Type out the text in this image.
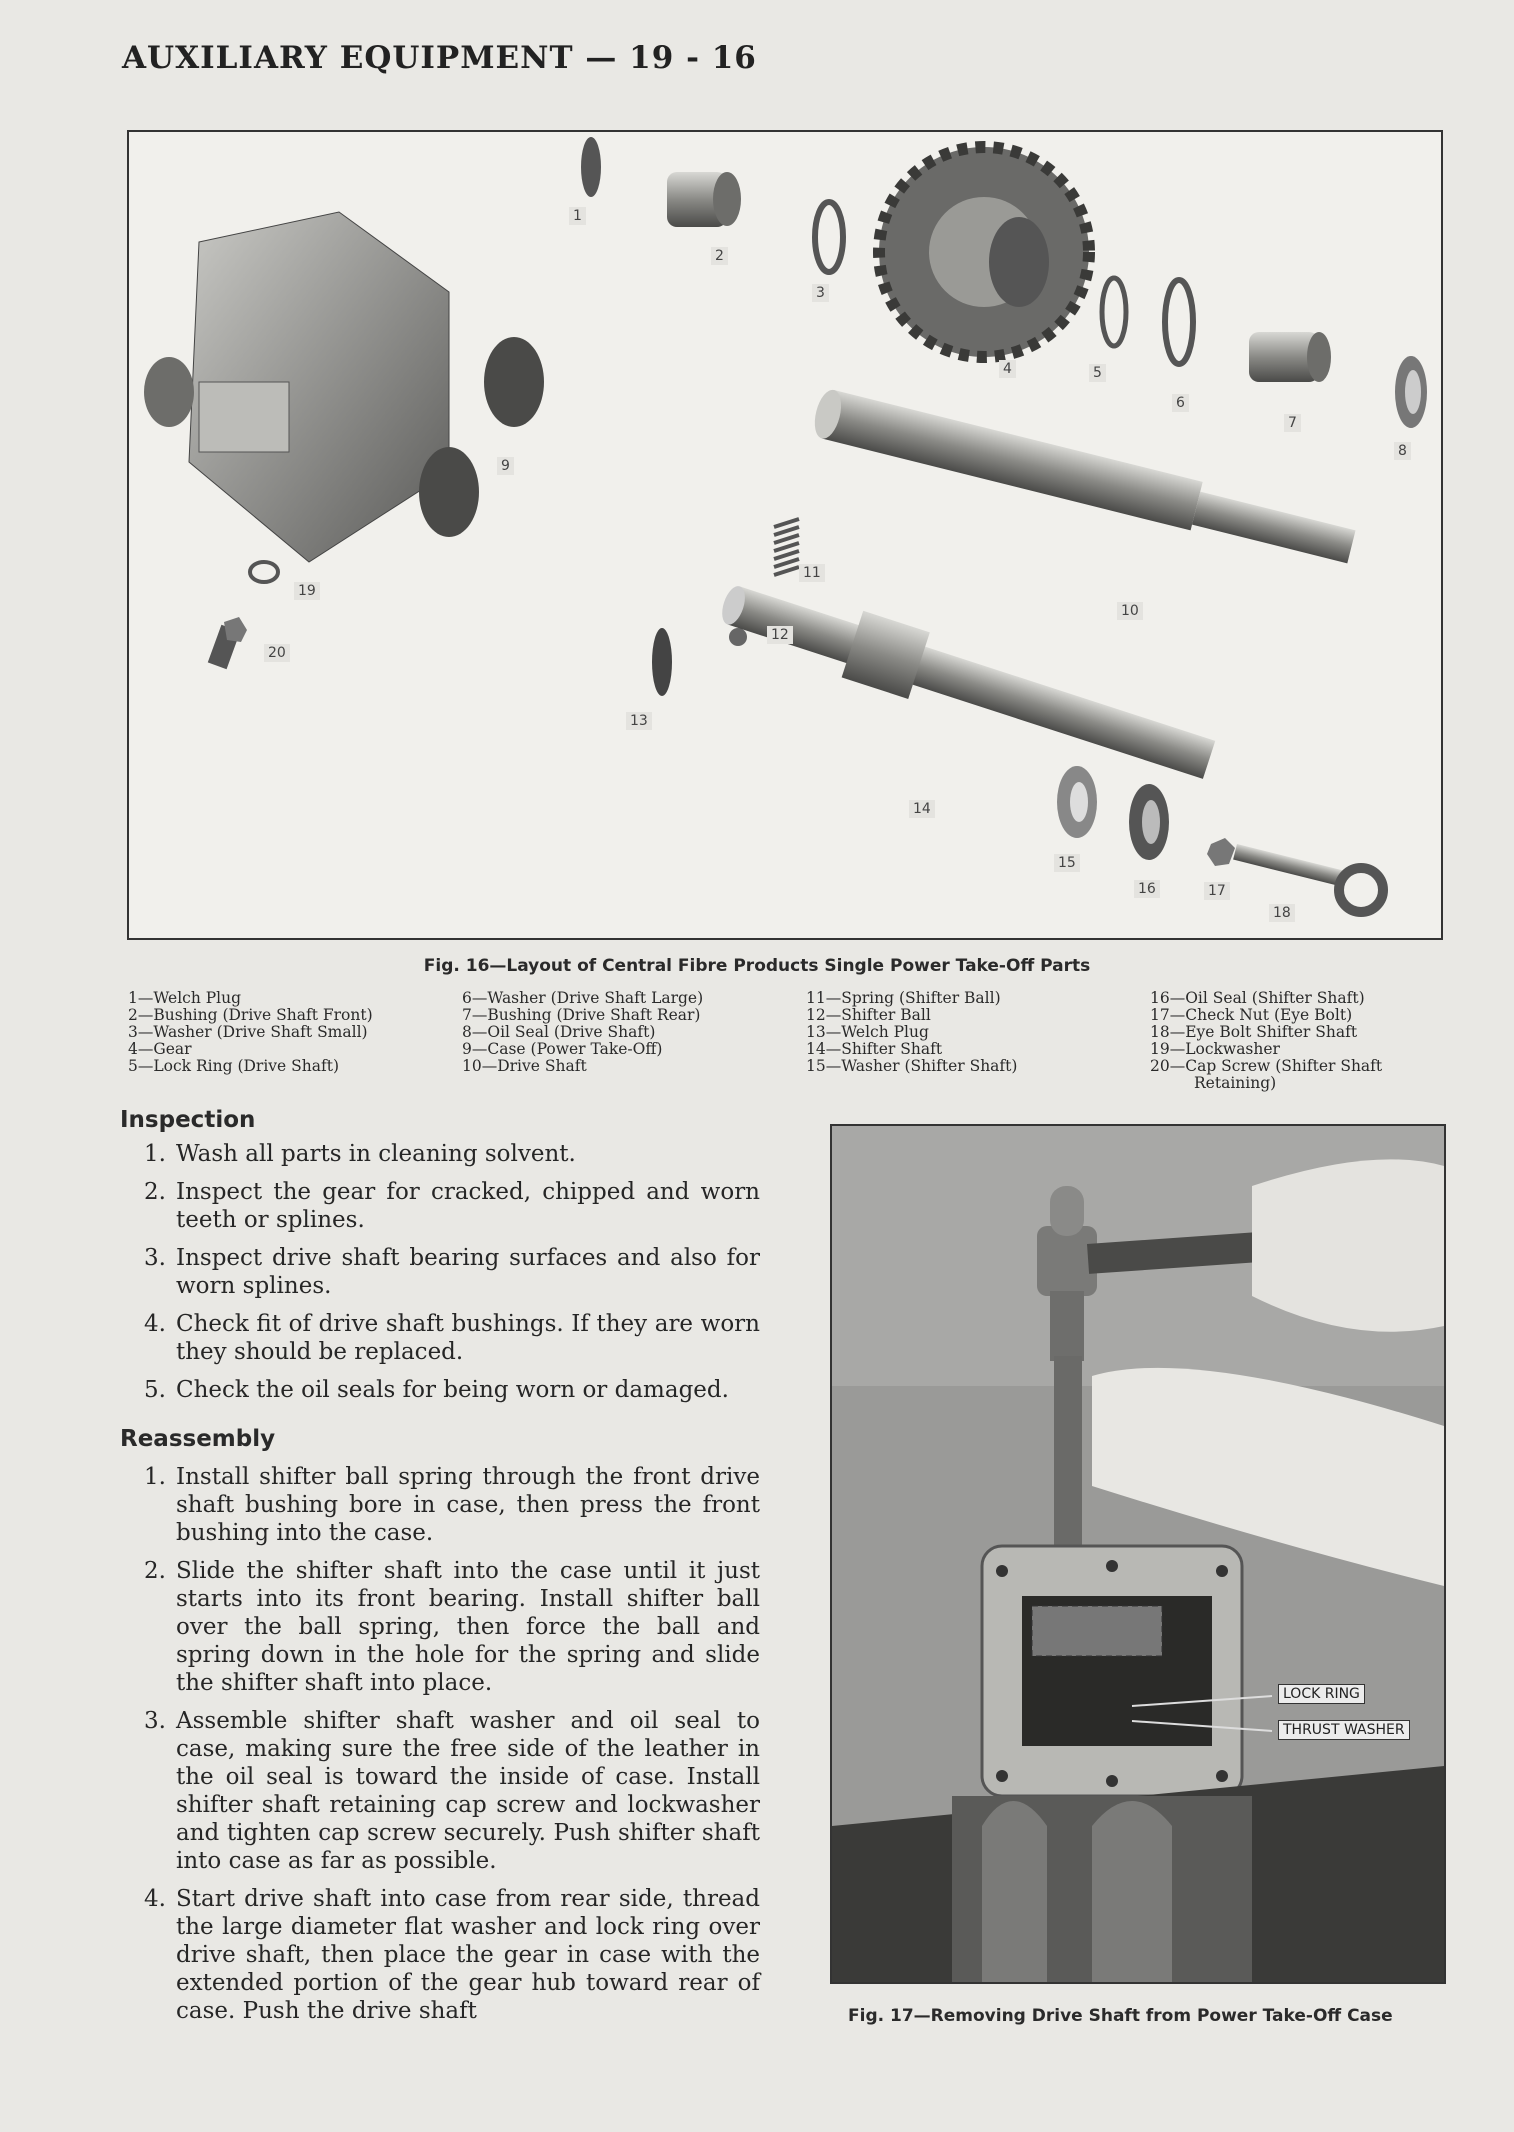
AUXILIARY EQUIPMENT — 19 - 16
1
2
3
4	5
6
7
8
9
10
11
12
13
14
15
16	17
18
19
20
Fig. 16—Layout of Central Fibre Products Single Power Take-Off Parts
1—Welch Plug
2—Bushing (Drive Shaft Front)
3—Washer (Drive Shaft Small)
4—Gear
5—Lock Ring (Drive Shaft)
6—Washer (Drive Shaft Large)
7—Bushing (Drive Shaft Rear)
8—Oil Seal (Drive Shaft)
9—Case (Power Take-Off)
10—Drive Shaft
11—Spring (Shifter Ball)
12—Shifter Ball
13—Welch Plug
14—Shifter Shaft
15—Washer (Shifter Shaft)
16—Oil Seal (Shifter Shaft)
17—Check Nut (Eye Bolt)
18—Eye Bolt Shifter Shaft
19—Lockwasher
20—Cap Screw (Shifter Shaft
Retaining)
Inspection
1. Wash all parts in cleaning solvent.
2. Inspect the gear for cracked, chipped and worn teeth or splines.
3. Inspect drive shaft bearing surfaces and also for worn splines.
4. Check fit of drive shaft bushings. If they are worn they should be replaced.
5. Check the oil seals for being worn or damaged.
Reassembly
1. Install shifter ball spring through the front drive shaft bushing bore in case, then press the front bushing into the case.
2. Slide the shifter shaft into the case until it just starts into its front bearing. Install shifter ball over the ball spring, then force the ball and spring down in the hole for the spring and slide the shifter shaft into place.
3. Assemble shifter shaft washer and oil seal to case, making sure the free side of the leather in the oil seal is toward the inside of case. Install shifter shaft retaining cap screw and lockwasher and tighten cap screw securely. Push shifter shaft into case as far as possible.
4. Start drive shaft into case from rear side, thread the large diameter flat washer and lock ring over drive shaft, then place the gear in case with the extended portion of the gear hub toward rear of case. Push the drive shaft
LOCK RING
THRUST WASHER
Fig. 17—Removing Drive Shaft from Power Take-Off Case
